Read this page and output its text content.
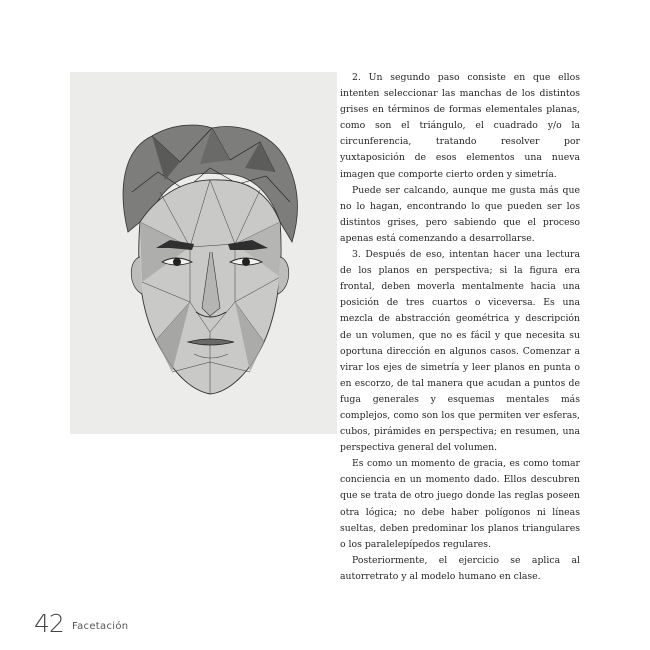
2. Un segundo paso consiste en que ellos intenten seleccionar las manchas de los distintos grises en términos de formas elementales planas, como son el triángulo, el cuadrado y/o la circunferencia, tratando resolver por yuxtaposición de esos elementos una nueva imagen que comporte cierto orden y simetría.

Puede ser calcando, aunque me gusta más que no lo hagan, encontrando lo que pueden ser los distintos grises, pero sabiendo que el proceso apenas está comenzando a desarrollarse.

3. Después de eso, intentan hacer una lectura de los planos en perspectiva; si la figura era frontal, deben moverla mentalmente hacia una posición de tres cuartos o viceversa. Es una mezcla de abstracción geométrica y descripción de un volumen, que no es fácil y que necesita su oportuna dirección en algunos casos. Comenzar a virar los ejes de simetría y leer planos en punta o en escorzo, de tal manera que acudan a puntos de fuga generales y esquemas mentales más complejos, como son los que permiten ver esferas, cubos, pirámides en perspectiva; en resumen, una perspectiva general del volumen.

Es como un momento de gracia, es como tomar conciencia en un momento dado. Ellos descubren que se trata de otro juego donde las reglas poseen otra lógica; no debe haber polígonos ni líneas sueltas, deben predominar los planos triangulares o los paralelepípedos regulares.

Posteriormente, el ejercicio se aplica al autorretrato y al modelo humano en clase.

42 Facetación
